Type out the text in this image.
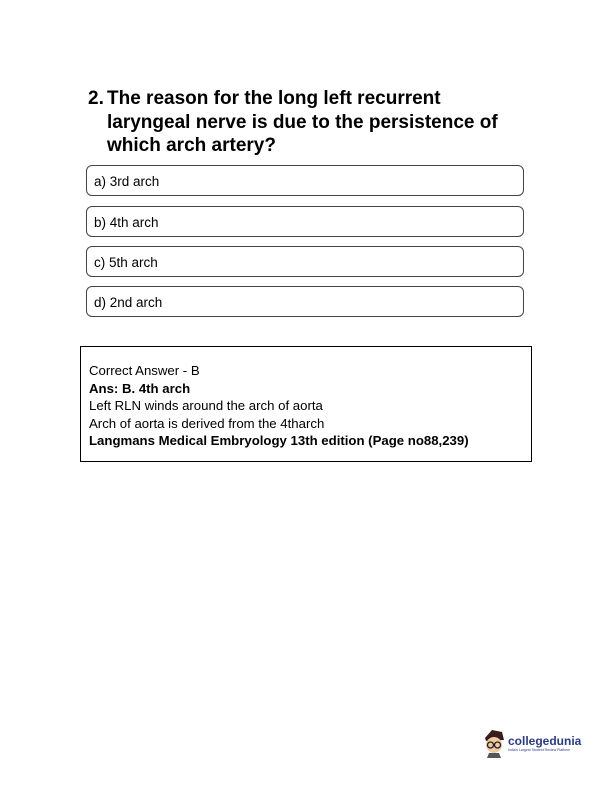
2. The reason for the long left recurrent laryngeal nerve is due to the persistence of which arch artery?
a) 3rd arch
b) 4th arch
c) 5th arch
d) 2nd arch
Correct Answer - B
Ans: B. 4th arch
Left RLN winds around the arch of aorta
Arch of aorta is derived from the 4tharch
Langmans Medical Embryology 13th edition (Page no88,239)
collegedunia
India's Largest Student Review Platform
